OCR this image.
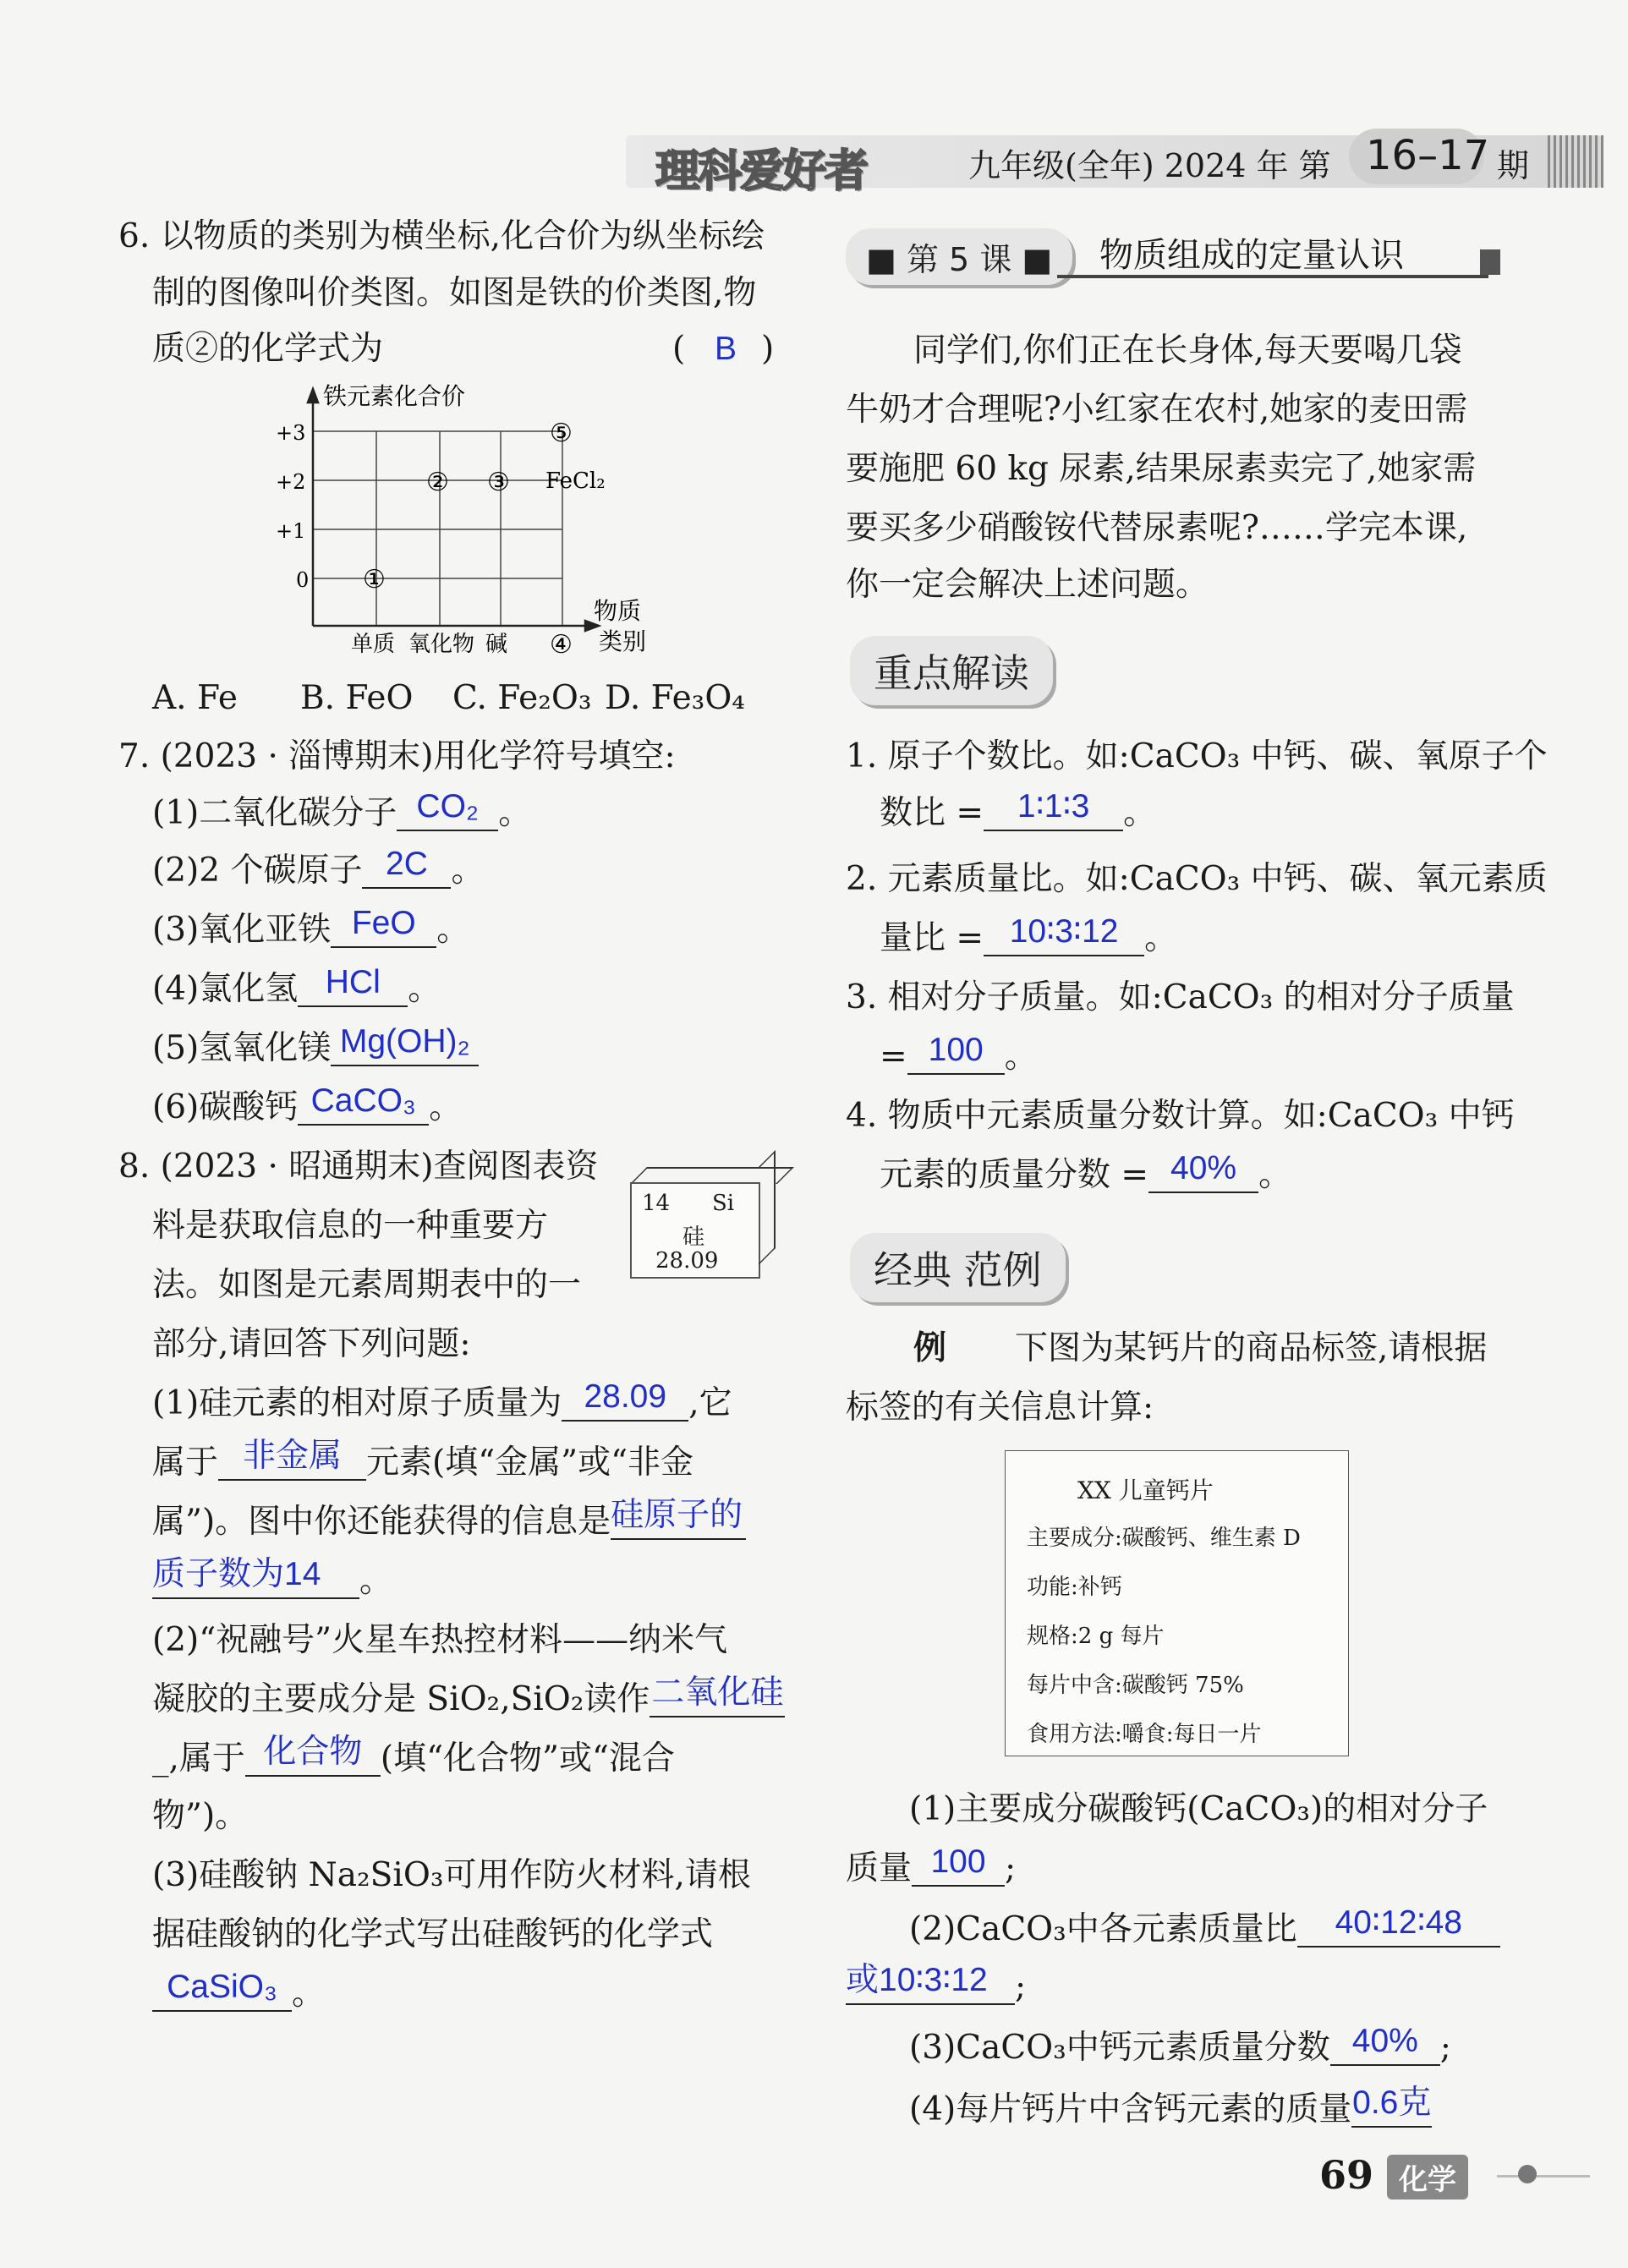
理科爱好者	九年级(全年) 2024 年 第 16–17 期
6. 以物质的类别为横坐标,化合价为纵坐标绘
制的图像叫价类图。如图是铁的价类图,物
质②的化学式为	( B )
铁元素化合价
+3
+2
+1
0 ①
② ③
⑤
FeCl₂
单质 氧化物 碱 ④
物质
类别
A. Fe B. FeO C. Fe₂O₃ D. Fe₃O₄
7. (2023 · 淄博期末)用化学符号填空:
(1)二氧化碳分子 CO₂ 。
(2)2 个碳原子 2C 。
(3)氧化亚铁 FeO 。
(4)氯化氢 HCl 。
(5)氢氧化镁 Mg(OH)₂
(6)碳酸钙 CaCO₃ 。
8. (2023 · 昭通期末)查阅图表资
料是获取信息的一种重要方
法。如图是元素周期表中的一
部分,请回答下列问题:
14 Si
硅
28.09
(1)硅元素的相对原子质量为 28.09 ,它
属于 非金属 元素(填“金属”或“非金
属”)。图中你还能获得的信息是硅原子的
质子数为14 。
(2)“祝融号”火星车热控材料——纳米气
凝胶的主要成分是 SiO₂,SiO₂读作二氧化硅
_,属于 化合物 (填“化合物”或“混合
物”)。
(3)硅酸钠 Na₂SiO₃可用作防火材料,请根
据硅酸钠的化学式写出硅酸钙的化学式
CaSiO₃ 。
■ 第 5 课 ■	物质组成的定量认识
同学们,你们正在长身体,每天要喝几袋
牛奶才合理呢?小红家在农村,她家的麦田需
要施肥 60 kg 尿素,结果尿素卖完了,她家需
要买多少硝酸铵代替尿素呢?……学完本课,
你一定会解决上述问题。
重点解读
1. 原子个数比。如:CaCO₃ 中钙、碳、氧原子个
数比 = 1∶1∶3 。
2. 元素质量比。如:CaCO₃ 中钙、碳、氧元素质
量比 = 10∶3∶12 。
3. 相对分子质量。如:CaCO₃ 的相对分子质量
= 100 。
4. 物质中元素质量分数计算。如:CaCO₃ 中钙
元素的质量分数 = 40% 。
经典 范例
例 下图为某钙片的商品标签,请根据
标签的有关信息计算:
XX 儿童钙片
主要成分:碳酸钙、维生素 D
功能:补钙
规格:2 g 每片
每片中含:碳酸钙 75%
食用方法:嚼食:每日一片
(1)主要成分碳酸钙(CaCO₃)的相对分子
质量 100 ;
(2)CaCO₃中各元素质量比 40∶12∶48
或10∶3∶12 ;
(3)CaCO₃中钙元素质量分数 40% ;
(4)每片钙片中含钙元素的质量0.6克
69 化学
